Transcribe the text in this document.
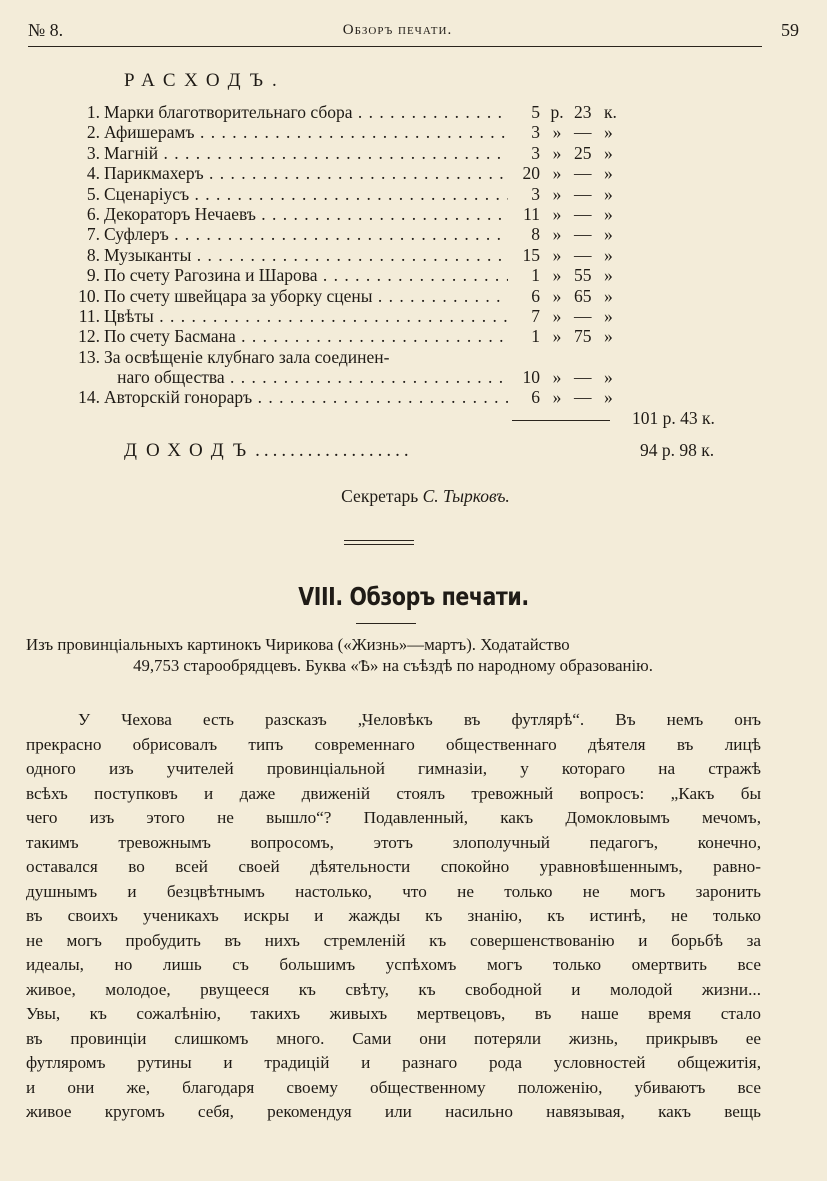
№ 8.	Обзоръ печати.	59
РАСХОДЪ.
1. Марки благотворительнаго сбора . . .	5 р. 23 к.
2. Афишерамъ . . .	3 » — »
3. Магній . . .	3 » 25 »
4. Парикмахеръ . . .	20 » — »
5. Сценаріусъ . . .	3 » — »
6. Декораторъ Нечаевъ . . .	11 » — »
7. Суфлеръ . . .	8 » — »
8. Музыканты . . .	15 » — »
9. По счету Рагозина и Шарова . . .	1 » 55 »
10. По счету швейцара за уборку сцены . . .	6 » 65 »
11. Цвѣты . . .	7 » — »
12. По счету Басмана . . .	1 » 75 »
13. За освѣщеніе клубнаго зала соединен-
наго общества . . .	10 » — »
14. Авторскій гонораръ . . .	6 » — »
101 р. 43 к.
ДОХОДЪ..................	94 р. 98 к.
Секретарь С. Тырковъ.
VIII. Обзоръ печати.
Изъ провинціальныхъ картинокъ Чирикова («Жизнь»—мартъ). Ходатайство
49,753 старообрядцевъ. Буква «Ѣ» на съѣздѣ по народному образованію.
У Чехова есть разсказъ „Человѣкъ въ футлярѣ“. Въ немъ онъ
прекрасно обрисовалъ типъ современнаго общественнаго дѣятеля въ лицѣ
одного изъ учителей провинціальной гимназіи, у котораго на стражѣ
всѣхъ поступковъ и даже движеній стоялъ тревожный вопросъ: „Какъ бы
чего изъ этого не вышло“? Подавленный, какъ Домокловымъ мечомъ,
такимъ тревожнымъ вопросомъ, этотъ злополучный педагогъ, конечно,
оставался во всей своей дѣятельности спокойно уравновѣшеннымъ, равно-
душнымъ и безцвѣтнымъ настолько, что не только не могъ заронить
въ своихъ ученикахъ искры и жажды къ знанію, къ истинѣ, не только
не могъ пробудить въ нихъ стремленій къ совершенствованію и борьбѣ за
идеалы, но лишь съ большимъ успѣхомъ могъ только омертвить все
живое, молодое, рвущееся къ свѣту, къ свободной и молодой жизни...
Увы, къ сожалѣнію, такихъ живыхъ мертвецовъ, въ наше время стало
въ провинціи слишкомъ много. Сами они потеряли жизнь, прикрывъ ее
футляромъ рутины и традицій и разнаго рода условностей общежитія,
и они же, благодаря своему общественному положенію, убиваютъ все
живое кругомъ себя, рекомендуя или насильно навязывая, какъ вещь
